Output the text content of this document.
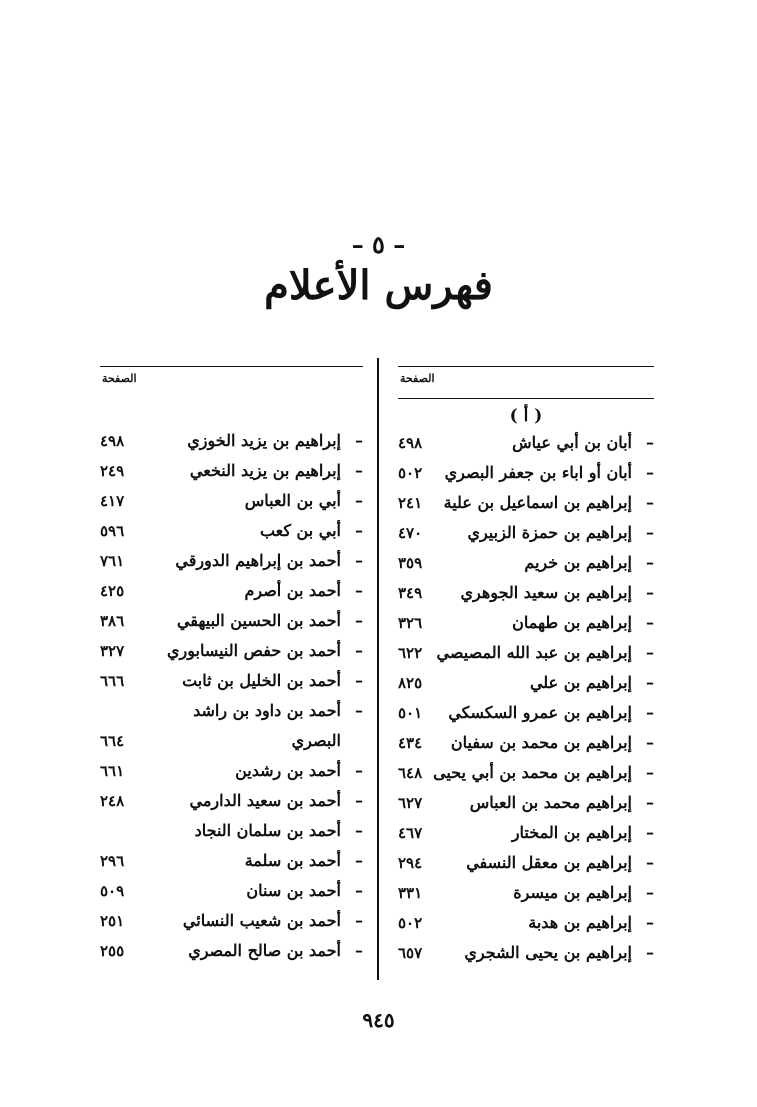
– ٥ –
فهرس الأعلام
الصفحة
( أ )
–
أبان بن أبي عياش
٤٩٨
–
أبان أو اباء بن جعفر البصري
٥٠٢
–
إبراهيم بن اسماعيل بن علية
٢٤١
–
إبراهيم بن حمزة الزبيري
٤٧٠
–
إبراهيم بن خريم
٣٥٩
–
إبراهيم بن سعيد الجوهري
٣٤٩
–
إبراهيم بن طهمان
٣٢٦
–
إبراهيم بن عبد الله المصيصي
٦٢٢
–
إبراهيم بن علي
٨٢٥
–
إبراهيم بن عمرو السكسكي
٥٠١
–
إبراهيم بن محمد بن سفيان
٤٣٤
–
إبراهيم بن محمد بن أبي يحيى
٦٤٨
–
إبراهيم محمد بن العباس
٦٢٧
–
إبراهيم بن المختار
٤٦٧
–
إبراهيم بن معقل النسفي
٢٩٤
–
إبراهيم بن ميسرة
٣٣١
–
إبراهيم بن هدبة
٥٠٢
–
إبراهيم بن يحيى الشجري
٦٥٧
الصفحة
–
إبراهيم بن يزيد الخوزي
٤٩٨
–
إبراهيم بن يزيد النخعي
٢٤٩
–
أبي بن العباس
٤١٧
–
أبي بن كعب
٥٩٦
–
أحمد بن إبراهيم الدورقي
٧٦١
–
أحمد بن أصرم
٤٢٥
–
أحمد بن الحسين البيهقي
٣٨٦
–
أحمد بن حفص النيسابوري
٣٢٧
–
أحمد بن الخليل بن ثابت
٦٦٦
–
أحمد بن داود بن راشد
البصري
٦٦٤
–
أحمد بن رشدين
٦٦١
–
أحمد بن سعيد الدارمي
٢٤٨
–
أحمد بن سلمان النجاد
–
أحمد بن سلمة
٢٩٦
–
أحمد بن سنان
٥٠٩
–
أحمد بن شعيب النسائي
٢٥١
–
أحمد بن صالح المصري
٢٥٥
٩٤٥
